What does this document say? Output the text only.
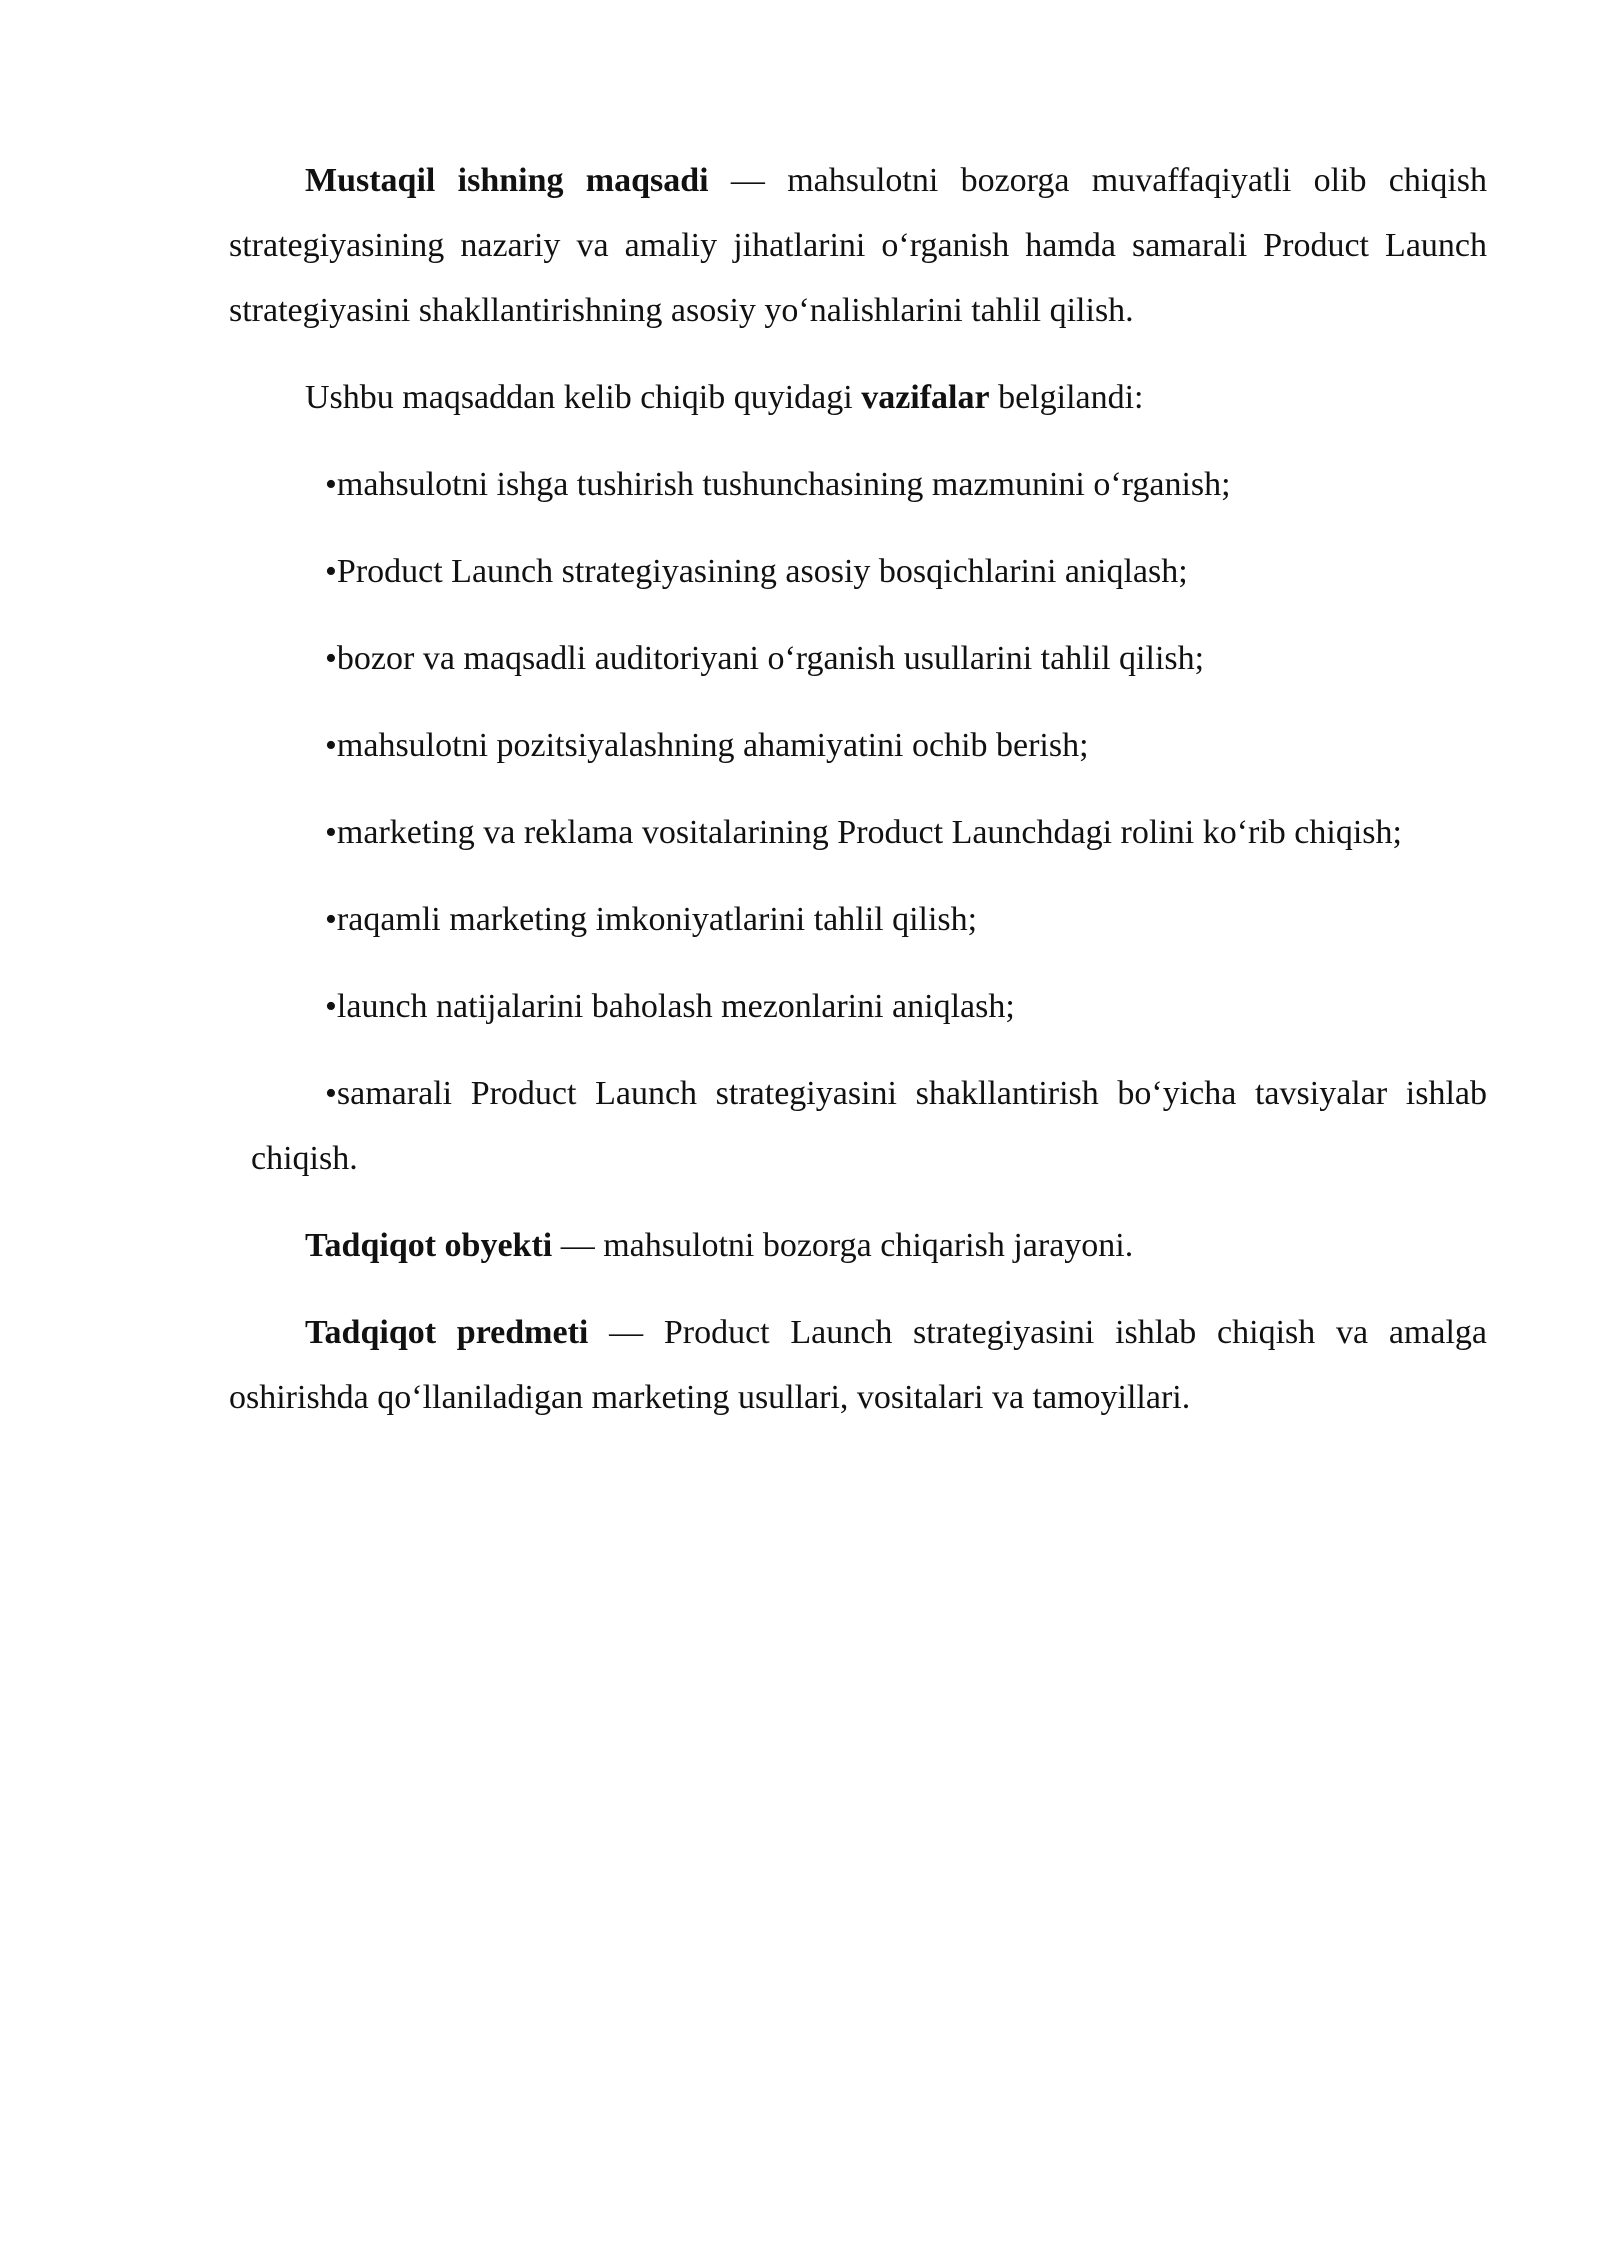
Mustaqil ishning maqsadi — mahsulotni bozorga muvaffaqiyatli olib chiqish strategiyasining nazariy va amaliy jihatlarini o‘rganish hamda samarali Product Launch strategiyasini shakllantirishning asosiy yo‘nalishlarini tahlil qilish.

Ushbu maqsaddan kelib chiqib quyidagi vazifalar belgilandi:

•mahsulotni ishga tushirish tushunchasining mazmunini o‘rganish;
•Product Launch strategiyasining asosiy bosqichlarini aniqlash;
•bozor va maqsadli auditoriyani o‘rganish usullarini tahlil qilish;
•mahsulotni pozitsiyalashning ahamiyatini ochib berish;
•marketing va reklama vositalarining Product Launchdagi rolini ko‘rib chiqish;
•raqamli marketing imkoniyatlarini tahlil qilish;
•launch natijalarini baholash mezonlarini aniqlash;
•samarali Product Launch strategiyasini shakllantirish bo‘yicha tavsiyalar ishlab chiqish.

Tadqiqot obyekti — mahsulotni bozorga chiqarish jarayoni.

Tadqiqot predmeti — Product Launch strategiyasini ishlab chiqish va amalga oshirishda qo‘llaniladigan marketing usullari, vositalari va tamoyillari.
